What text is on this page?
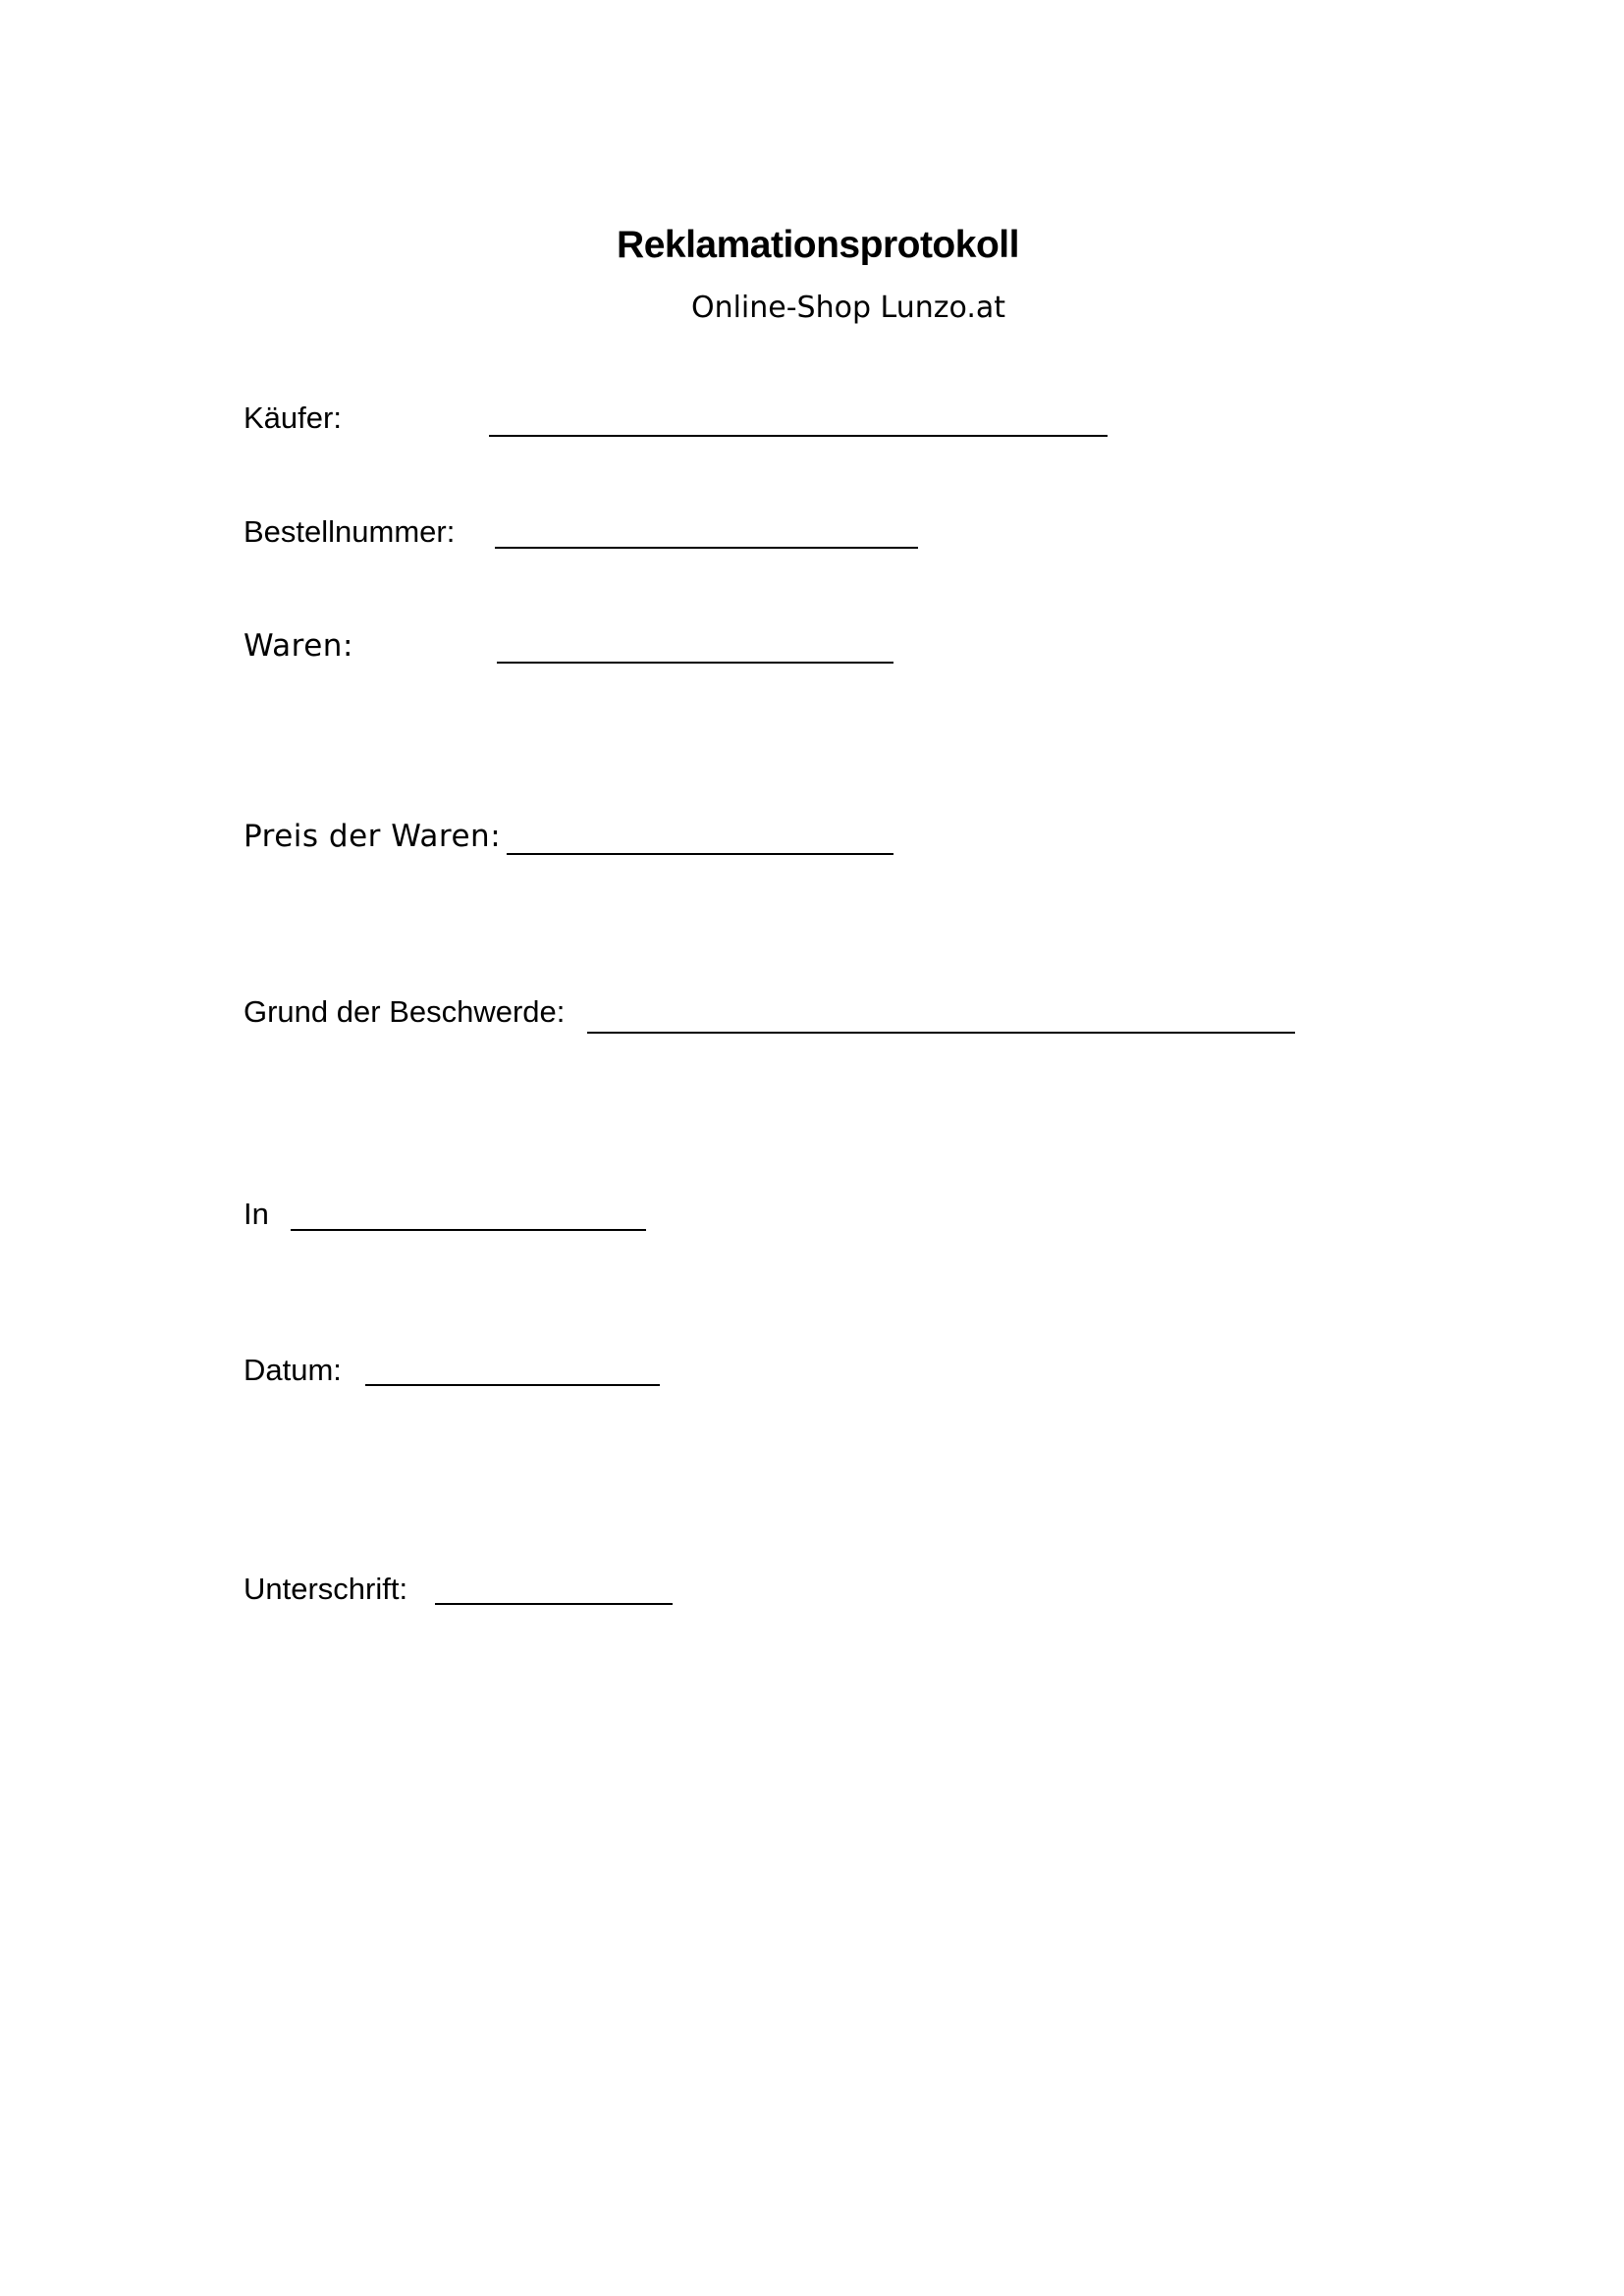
Reklamationsprotokoll
Online-Shop Lunzo.at
Käufer:
Bestellnummer:
Waren:
Preis der Waren:
Grund der Beschwerde:
In
Datum:
Unterschrift:
